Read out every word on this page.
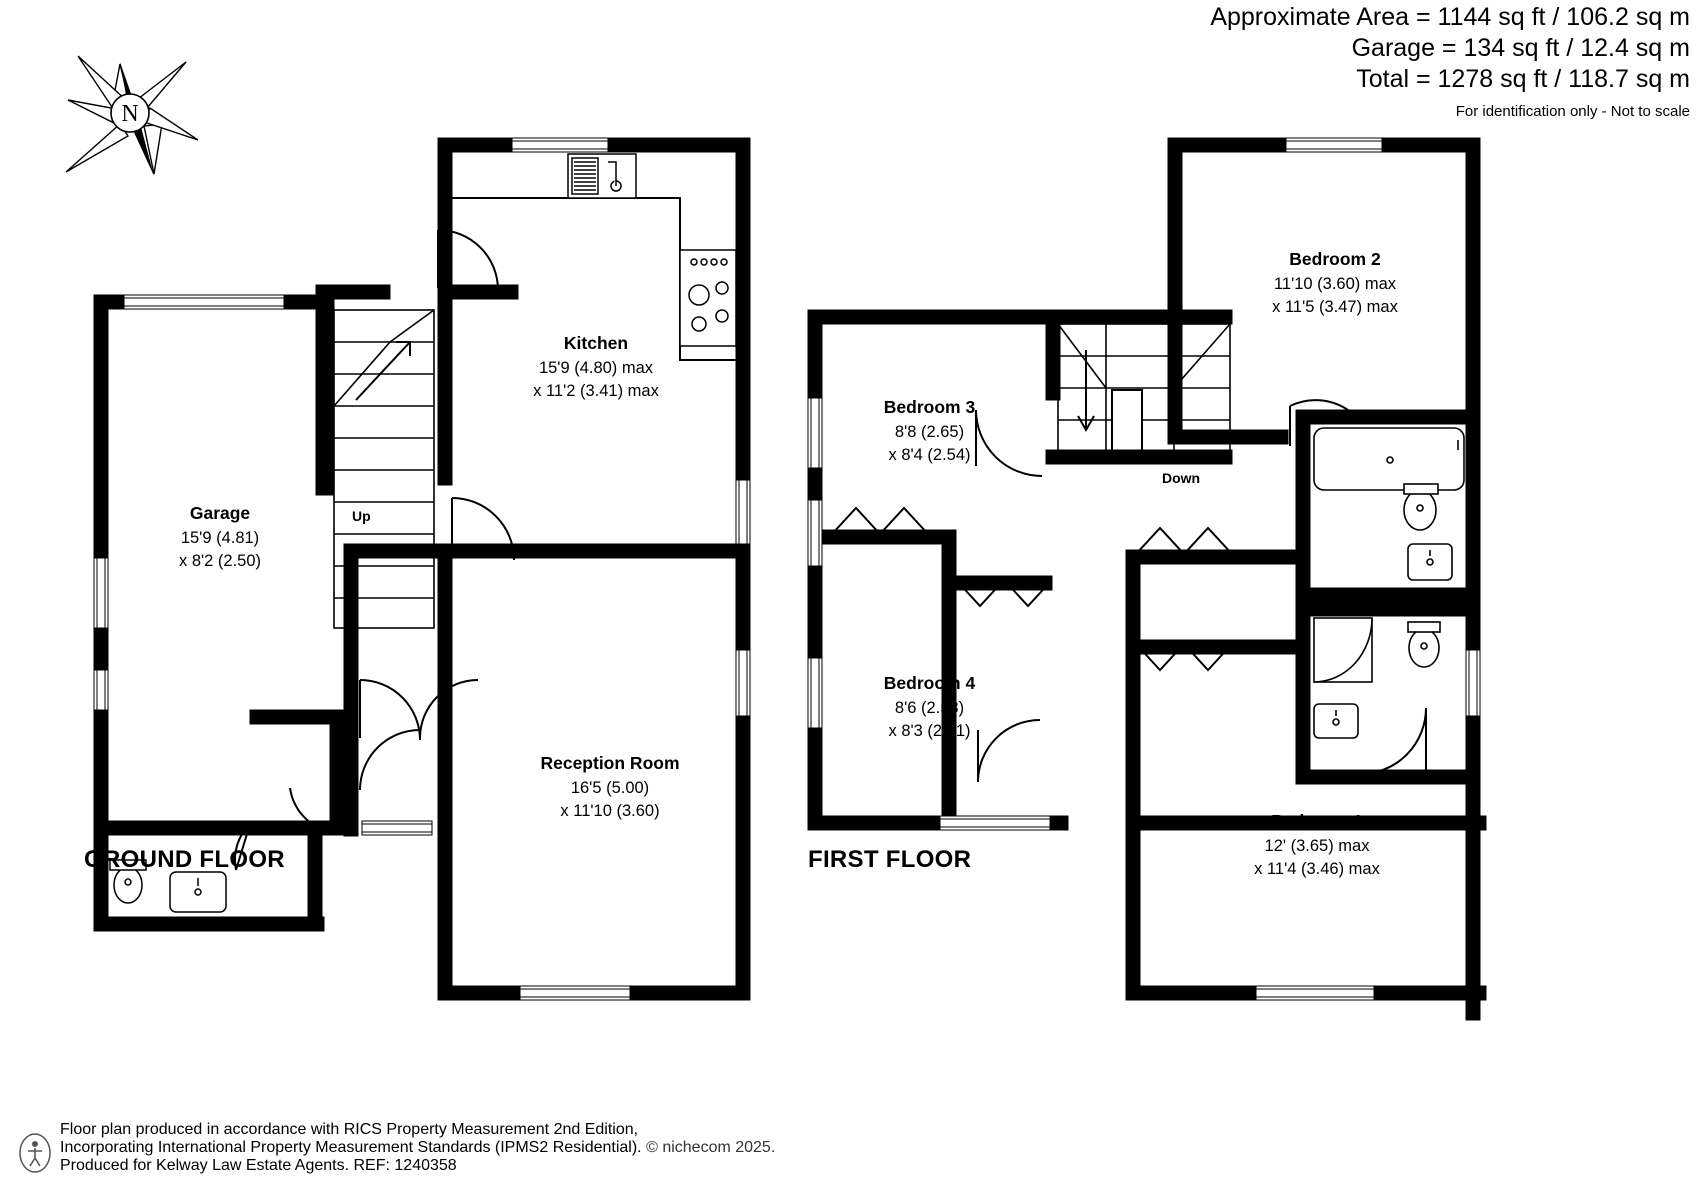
Approximate Area = 1144 sq ft / 106.2 sq m
Garage = 134 sq ft / 12.4 sq m
Total = 1278 sq ft / 118.7 sq m
For identification only - Not to scale
N
Kitchen
15'9 (4.80) max
x 11'2 (3.41) max
Garage
15'9 (4.81)
x 8'2 (2.50)
Reception Room
16'5 (5.00)
x 11'10 (3.60)
Up
GROUND FLOOR
Bedroom 2
11'10 (3.60) max
x 11'5 (3.47) max
Bedroom 3
8'8 (2.65)
x 8'4 (2.54)
Bedroom 4
8'6 (2.58)
x 8'3 (2.51)
Bedroom 1
12' (3.65) max
x 11'4 (3.46) max
Down
FIRST FLOOR
Floor plan produced in accordance with RICS Property Measurement 2nd Edition,
Incorporating International Property Measurement Standards (IPMS2 Residential). © nichecom 2025.
Produced for Kelway Law Estate Agents. REF: 1240358
